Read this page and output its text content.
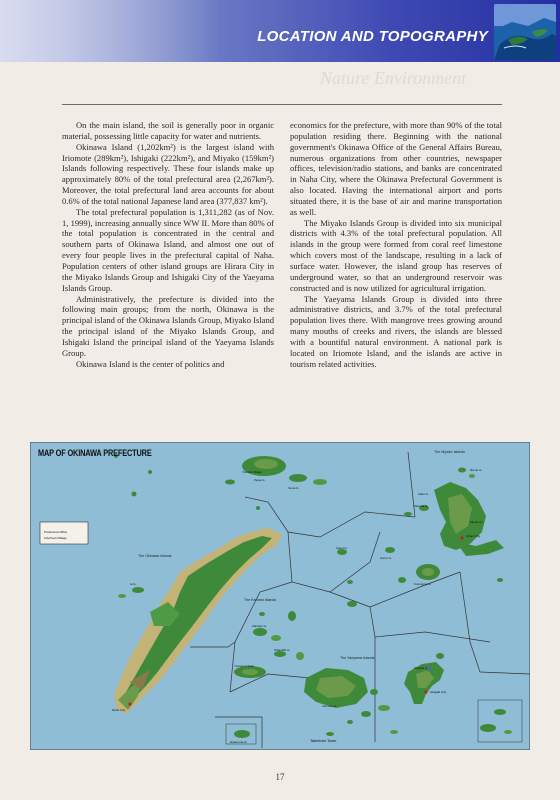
LOCATION AND TOPOGRAPHY
Nature Environment

On the main island, the soil is generally poor in organic material, possessing little capacity for water and nutrients.

Okinawa Island (1,202km²) is the largest island with Iriomote (289km²), Ishigaki (222km²), and Miyako (159km²) Islands following respectively. These four islands make up approximately 80% of the total prefectural area (2,267km²). Moreover, the total prefectural land area accounts for about 0.6% of the total national Japanese land area (377,837 km²).

The total prefectural population is 1,311,282 (as of Nov. 1, 1999), increasing annually since WW II. More than 80% of the total population is concentrated in the central and southern parts of Okinawa Island, and almost one out of every four people lives in the prefectural capital of Naha. Population centers of other island groups are Hirara City in the Miyako Islands Group and Ishigaki City of the Yaeyama Islands Group.

Administratively, the prefecture is divided into the following main groups; from the north, Okinawa is the principal island of the Okinawa Islands Group, Miyako Island the principal island of the Miyako Islands Group, and Ishigaki Island the principal island of the Yaeyama Islands Group.

Okinawa Island is the center of politics and

economics for the prefecture, with more than 90% of the total population residing there. Beginning with the national government's Okinawa Office of the General Affairs Bureau, numerous organizations from other countries, newspaper offices, television/radio stations, and banks are concentrated in Naha City, where the Okinawa Prefectural Government is also located. Having the international airport and ports situated there, it is the base of air and marine transportation as well.

The Miyako Islands Group is divided into six municipal districts with 4.3% of the total prefectural population. All islands in the group were formed from coral reef limestone which covers most of the landscape, resulting in a lack of surface water. However, the island group has reserves of underground water, so that an underground reservoir was constructed and is now utilized for agricultural irrigation.

The Yaeyama Islands Group is divided into three administrative districts, and 3.7% of the total prefectural population lives there. With mangrove trees growing around many mouths of creeks and rivers, the islands are blessed with a bountiful natural environment. A national park is located on Iriomote Island, and the islands are active in tourism related activities.

MAP OF OKINAWA PREFECTURE
Prefectural Office
City/Town/Village
The Okinawa Islands
The Miyako Islands
The Kerama Islands
The Yaeyama Islands
Naha City
Hirara City
Ishigaki City
Taketomi Town
Yonaguni Town
Hateruma Is.
Miyako Is.
Iriomote Is.
Ishigaki Is.
Kumejima Is.
Tarama Is.
Iheya Is.
Izena Is.
Ie Is.
Kume Is.
Tokashiki Is.
Zamami Is.
Aguni Is.
Irabu Is.
Ikema Is.
Yonaha Village
17
